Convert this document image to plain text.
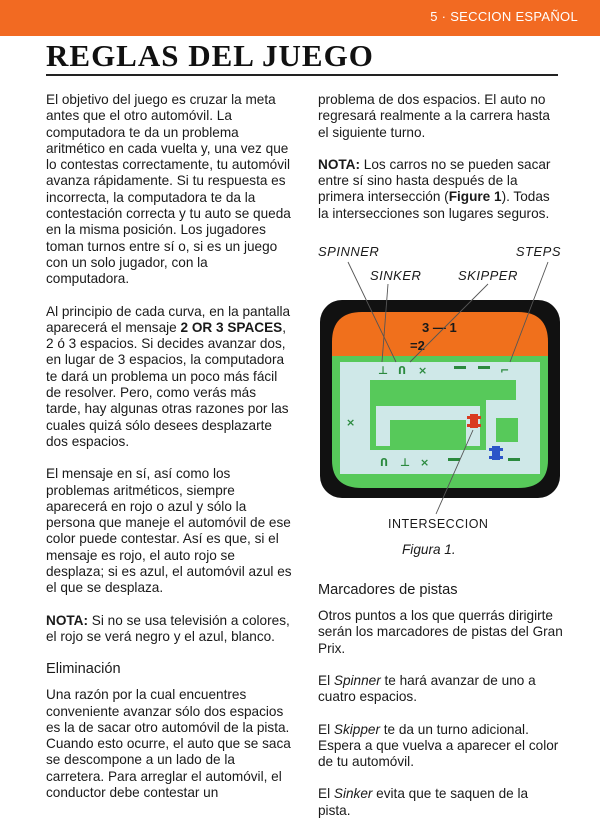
5 · SECCION ESPAÑOL
REGLAS DEL JUEGO

El objetivo del juego es cruzar la meta antes que el otro automóvil. La computadora te da un problema aritmético en cada vuelta y, una vez que lo contestas correctamente, tu automóvil avanza rápidamente. Si tu respuesta es incorrecta, la computadora te da la contestación correcta y tu auto se queda en la misma posición. Los jugadores toman turnos entre sí o, si es un juego con un solo jugador, con la computadora.

Al principio de cada curva, en la pantalla aparecerá el mensaje 2 OR 3 SPACES, 2 ó 3 espacios. Si decides avanzar dos, en lugar de 3 espacios, la computadora te dará un problema un poco más fácil de resolver. Pero, como verás más tarde, hay algunas otras razones por las cuales quizá sólo desees desplazarte dos espacios.

El mensaje en sí, así como los problemas aritméticos, siempre aparecerá en rojo o azul y sólo la persona que maneje el automóvil de ese color puede contestar. Así es que, si el mensaje es rojo, el auto rojo se desplaza; si es azul, el automóvil azul es el que se desplaza.

NOTA: Si no se usa televisión a colores, el rojo se verá negro y el azul, blanco.

Eliminación

Una razón por la cual encuentres conveniente avanzar sólo dos espacios es la de sacar otro automóvil de la pista. Cuando esto ocurre, el auto que se saca se descompone a un lado de la carretera. Para arreglar el automóvil, el conductor debe contestar un

problema de dos espacios. El auto no regresará realmente a la carrera hasta el siguiente turno.

NOTA: Los carros no se pueden sacar entre sí sino hasta después de la primera intersección (Figure 1). Todas la intersecciones son lugares seguros.

3 — 1
=2
⊥ Ո ×	⌐
×
Ո ⊥ ×
SPINNER	STEPS
SINKER	SKIPPER
INTERSECCION
Figura 1.
Marcadores de pistas

Otros puntos a los que querrás dirigirte serán los marcadores de pistas del Gran Prix.

El Spinner te hará avanzar de uno a cuatro espacios.

El Skipper te da un turno adicional. Espera a que vuelva a aparecer el color de tu automóvil.

El Sinker evita que te saquen de la pista.
